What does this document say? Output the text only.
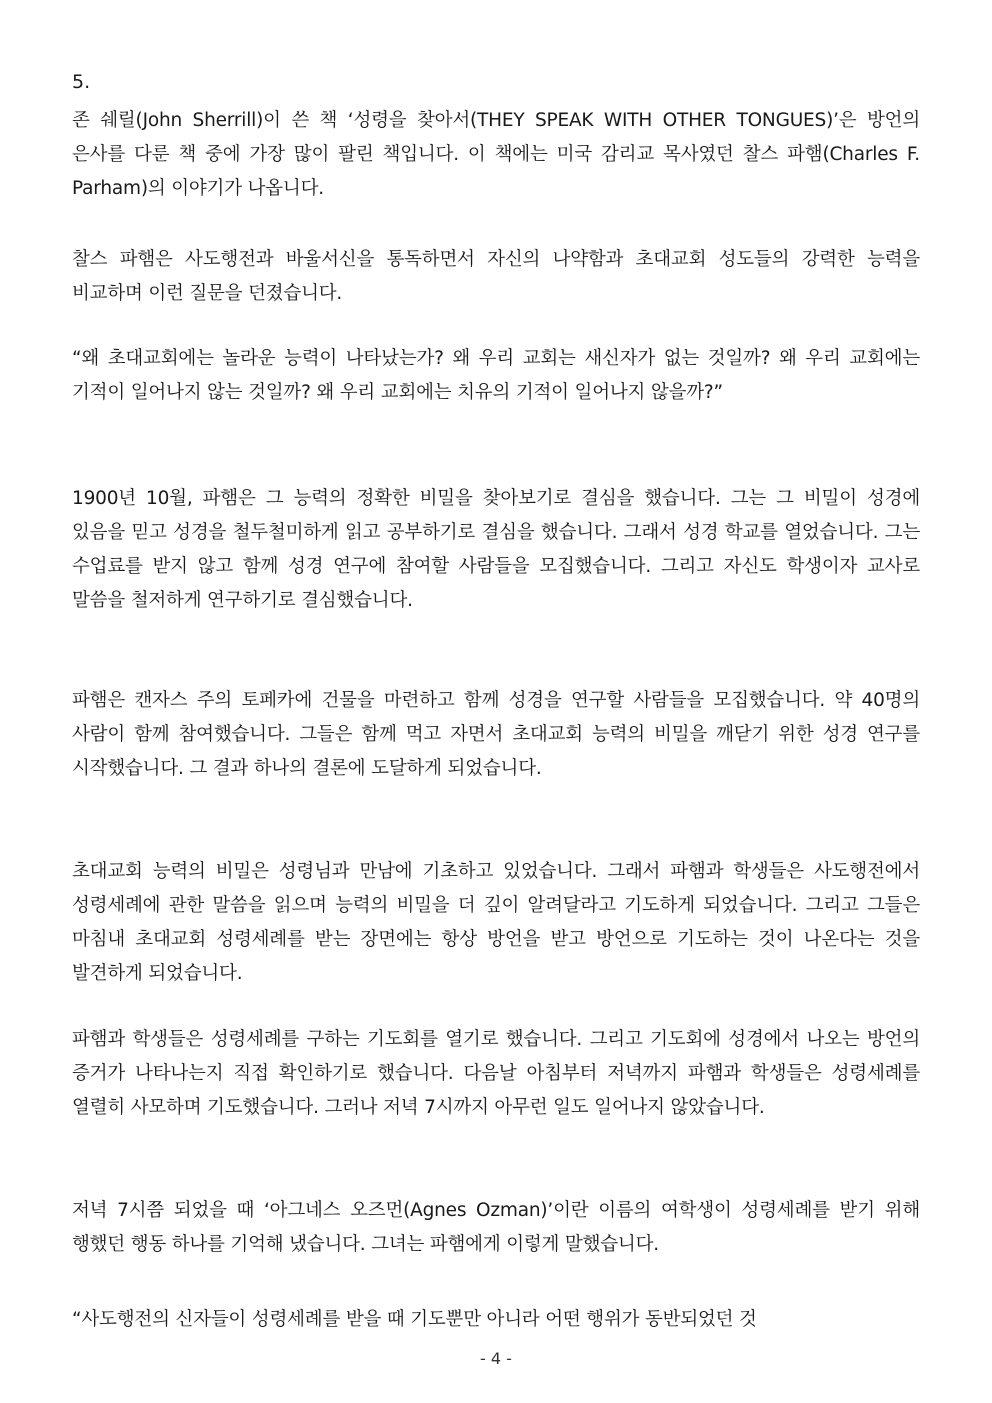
5.

존 쉐릴(John Sherrill)이 쓴 책 ‘성령을 찾아서(THEY SPEAK WITH OTHER TONGUES)’은 방언의 은사를 다룬 책 중에 가장 많이 팔린 책입니다. 이 책에는 미국 감리교 목사였던 찰스 파햄(Charles F. Parham)의 이야기가 나옵니다.

찰스 파햄은 사도행전과 바울서신을 통독하면서 자신의 나약함과 초대교회 성도들의 강력한 능력을 비교하며 이런 질문을 던졌습니다.

“왜 초대교회에는 놀라운 능력이 나타났는가? 왜 우리 교회는 새신자가 없는 것일까? 왜 우리 교회에는 기적이 일어나지 않는 것일까? 왜 우리 교회에는 치유의 기적이 일어나지 않을까?”

1900년 10월, 파햄은 그 능력의 정확한 비밀을 찾아보기로 결심을 했습니다. 그는 그 비밀이 성경에 있음을 믿고 성경을 철두철미하게 읽고 공부하기로 결심을 했습니다. 그래서 성경 학교를 열었습니다. 그는 수업료를 받지 않고 함께 성경 연구에 참여할 사람들을 모집했습니다. 그리고 자신도 학생이자 교사로 말씀을 철저하게 연구하기로 결심했습니다.

파햄은 캔자스 주의 토페카에 건물을 마련하고 함께 성경을 연구할 사람들을 모집했습니다. 약 40명의 사람이 함께 참여했습니다. 그들은 함께 먹고 자면서 초대교회 능력의 비밀을 깨닫기 위한 성경 연구를 시작했습니다. 그 결과 하나의 결론에 도달하게 되었습니다.

초대교회 능력의 비밀은 성령님과 만남에 기초하고 있었습니다. 그래서 파햄과 학생들은 사도행전에서 성령세례에 관한 말씀을 읽으며 능력의 비밀을 더 깊이 알려달라고 기도하게 되었습니다. 그리고 그들은 마침내 초대교회 성령세례를 받는 장면에는 항상 방언을 받고 방언으로 기도하는 것이 나온다는 것을 발견하게 되었습니다.

파햄과 학생들은 성령세례를 구하는 기도회를 열기로 했습니다. 그리고 기도회에 성경에서 나오는 방언의 증거가 나타나는지 직접 확인하기로 했습니다. 다음날 아침부터 저녁까지 파햄과 학생들은 성령세례를 열렬히 사모하며 기도했습니다. 그러나 저녁 7시까지 아무런 일도 일어나지 않았습니다.

저녁 7시쯤 되었을 때 ‘아그네스 오즈먼(Agnes Ozman)’이란 이름의 여학생이 성령세례를 받기 위해 행했던 행동 하나를 기억해 냈습니다. 그녀는 파햄에게 이렇게 말했습니다.

“사도행전의 신자들이 성령세례를 받을 때 기도뿐만 아니라 어떤 행위가 동반되었던 것

- 4 -
